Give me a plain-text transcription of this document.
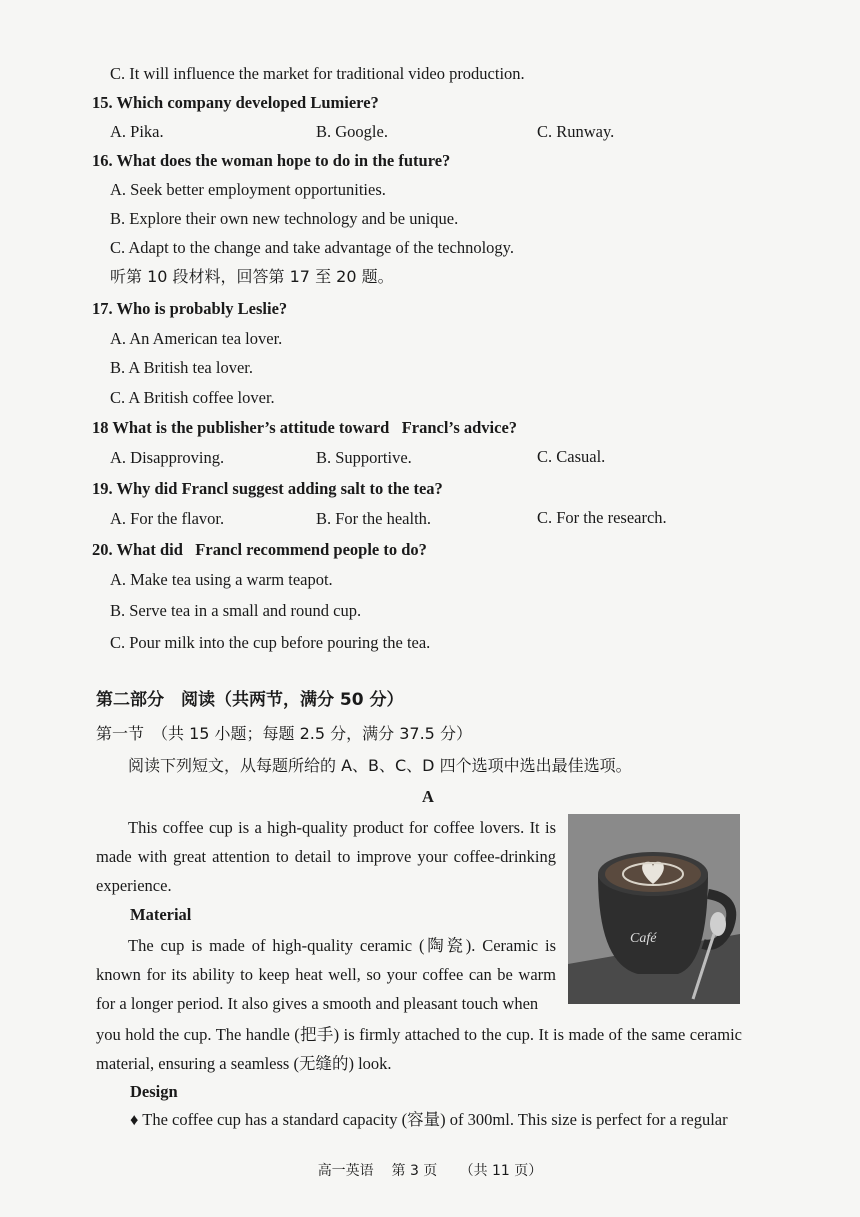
C. It will influence the market for traditional video production.
15. Which company developed Lumiere?
A. Pika.	B. Google.	C. Runway.
16. What does the woman hope to do in the future?
A. Seek better employment opportunities.
B. Explore their own new technology and be unique.
C. Adapt to the change and take advantage of the technology.
听第 10 段材料，回答第 17 至 20 题。
17. Who is probably Leslie?
A. An American tea lover.
B. A British tea lover.
C. A British coffee lover.
18 What is the publisher’s attitude toward   Francl’s advice?
A. Disapproving.	B. Supportive.	C. Casual.
19. Why did Francl suggest adding salt to the tea?
A. For the flavor.	B. For the health.	C. For the research.
20. What did   Francl recommend people to do?
A. Make tea using a warm teapot.
B. Serve tea in a small and round cup.
C. Pour milk into the cup before pouring the tea.
第二部分　阅读（共两节，满分 50 分）
第一节　（共 15 小题；每题 2.5 分，满分 37.5 分）
阅读下列短文，从每题所给的 A、B、C、D 四个选项中选出最佳选项。
A
This coffee cup is a high-quality product for coffee lovers. It is made with great attention to detail to improve your coffee-drinking experience.
Material
The cup is made of high-quality ceramic (陶瓷). Ceramic is known for its ability to keep heat well, so your coffee can be warm for a longer period. It also gives a smooth and pleasant touch when
you hold the cup. The handle (把手) is firmly attached to the cup. It is made of the same ceramic material, ensuring a seamless (无缝的) look.
Design
♦ The coffee cup has a standard capacity (容量) of 300ml. This size is perfect for a regular
Café
高一英语 第 3 页 （共 11 页）
